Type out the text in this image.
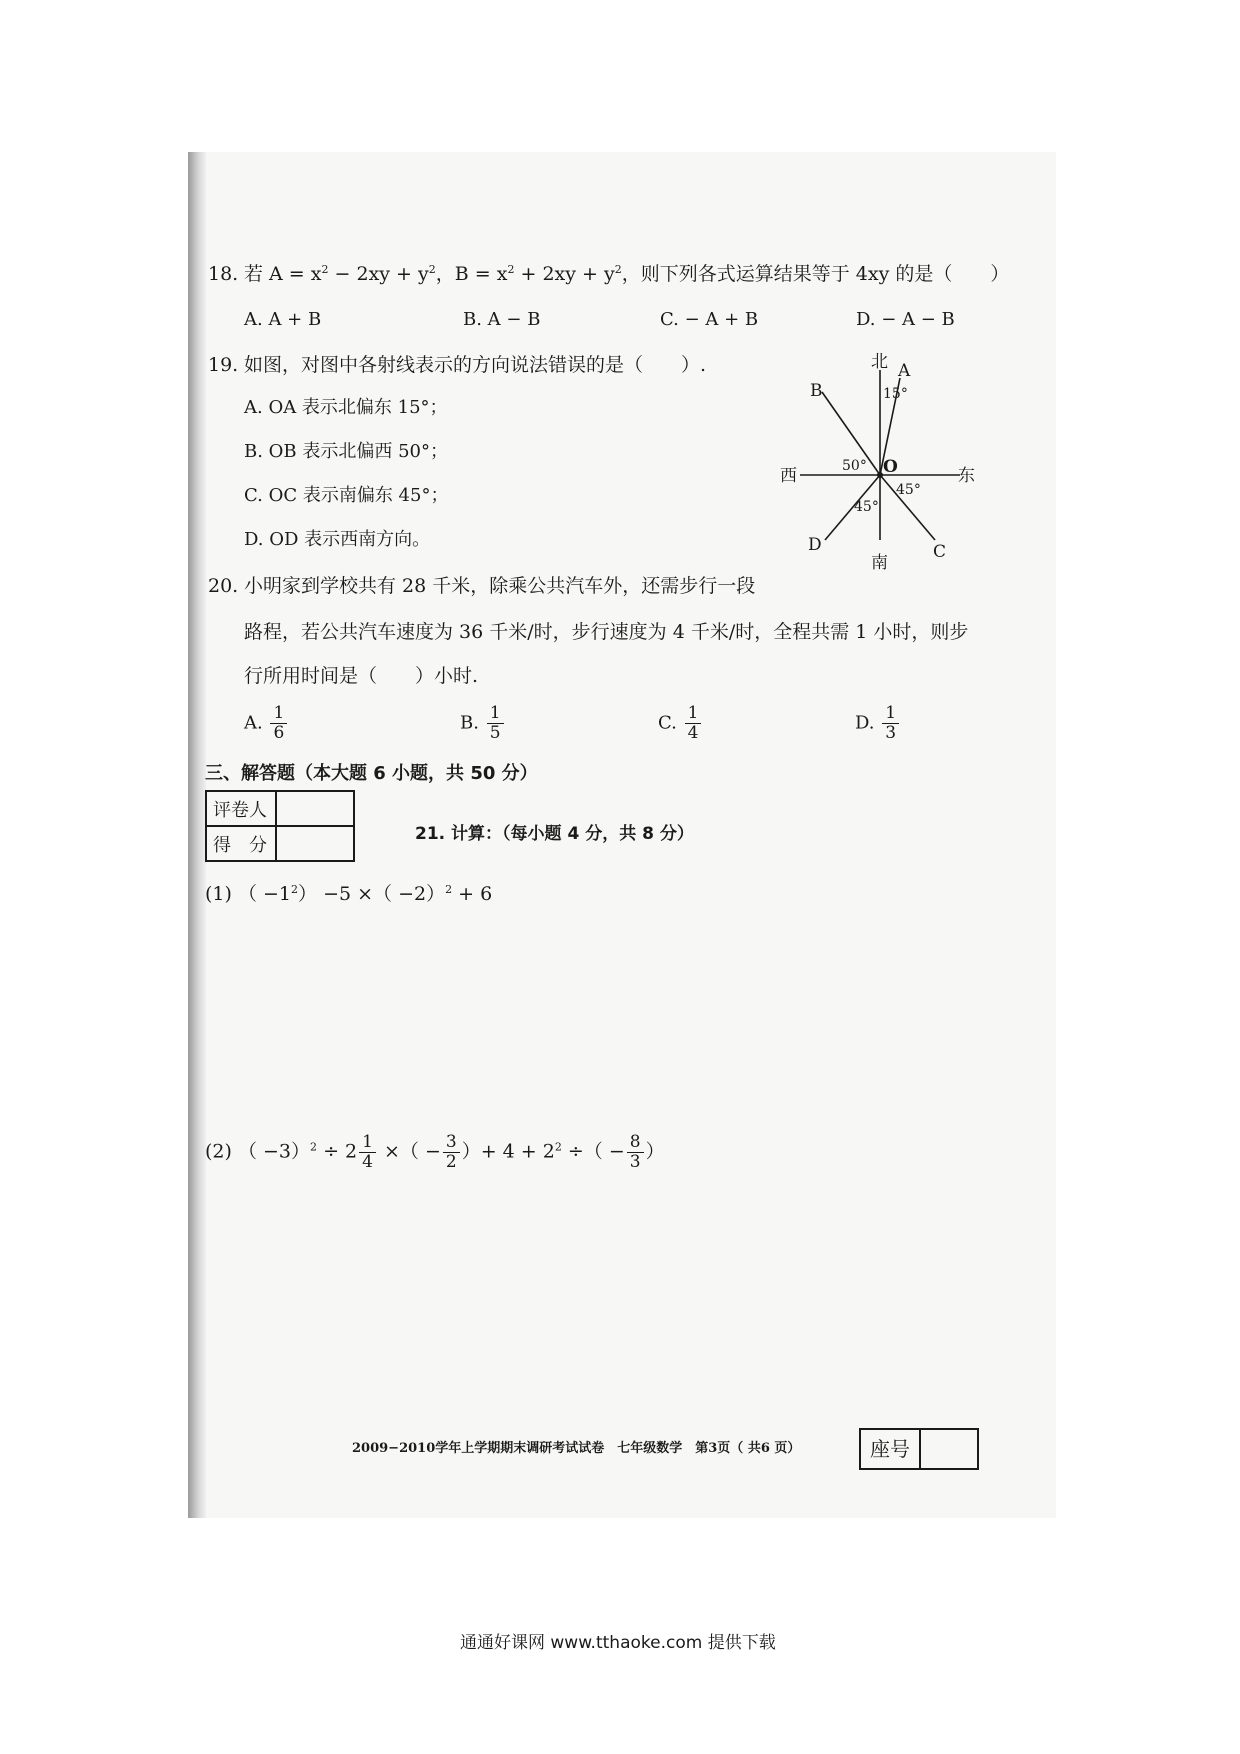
18. 若 $A = x^2 - 2xy + y^2$，$B = x^2 + 2xy + y^2$，则下列各式运算结果等于 4xy 的是（　　）
A. A + B	B. A − B	C. − A + B	D. − A − B
19. 如图，对图中各射线表示的方向说法错误的是（　　）.
A. OA 表示北偏东 15°；
B. OB 表示北偏西 50°；
C. OC 表示南偏东 45°；
D. OD 表示西南方向。
北
南
东
西
A
B
C
D
O
15°
50°
45°
45°
20. 小明家到学校共有 28 千米，除乘公共汽车外，还需步行一段
路程，若公共汽车速度为 36 千米/时，步行速度为 4 千米/时，全程共需 1 小时，则步
行所用时间是（　　）小时.
A. $\frac{1}{6}$	B. $\frac{1}{5}$	C. $\frac{1}{4}$	D. $\frac{1}{3}$
三、解答题（本大题 6 小题，共 50 分）
评卷人	
得　分	
21. 计算：（每小题 4 分，共 8 分）
(1) （ $-1^2) -5$ ×（ −2）$^2$ + 6
(2) （ $-3)^2 \div 2 \frac{1}{4}$ ×（ − $\frac{3}{2}$ ）+ $4 + 2^2$ ÷（ − $\frac{8}{3}$ ）
2009−2010学年上学期期末调研考试试卷　七年级数学　第3页（ 共6 页）	座号
通通好课网 www.tthaoke.com 提供下载
